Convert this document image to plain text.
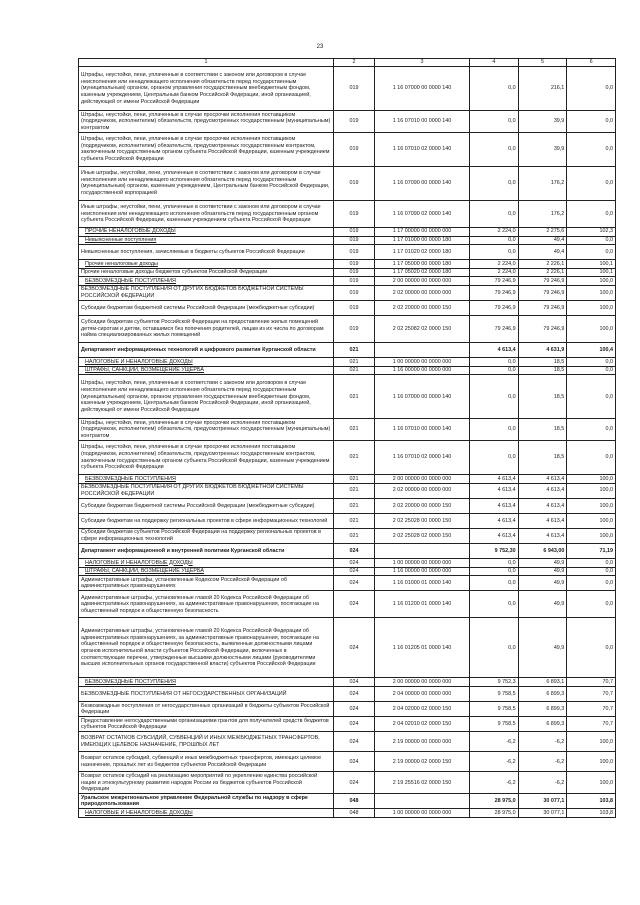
23
1	2	3	4	5	6
Штрафы, неустойки, пени, уплаченные в соответствии с законом или договором в случае неисполнения или ненадлежащего исполнения обязательств перед государственным (муниципальным) органом, органом управления государственным внебюджетным фондом, казенным учреждением, Центральным банком Российской Федерации, иной организацией, действующей от имени Российской Федерации	019	1 16 07000 00 0000 140	0,0	216,1	0,0
Штрафы, неустойки, пени, уплаченные в случае просрочки исполнения поставщиком (подрядчиком, исполнителем) обязательств, предусмотренных государственным (муниципальным) контрактом	019	1 16 07010 00 0000 140	0,0	39,9	0,0
Штрафы, неустойки, пени, уплаченные в случае просрочки исполнения поставщиком (подрядчиком, исполнителем) обязательств, предусмотренных государственным контрактом, заключенным государственным органом субъекта Российской Федерации, казенным учреждением субъекта Российской Федерации	019	1 16 07010 02 0000 140	0,0	39,9	0,0
Иные штрафы, неустойки, пени, уплаченные в соответствии с законом или договором в случае неисполнения или ненадлежащего исполнения обязательств перед государственным (муниципальным) органом, казенным учреждением, Центральным банком Российской Федерации, государственной корпорацией	019	1 16 07090 00 0000 140	0,0	176,2	0,0
Иные штрафы, неустойки, пени, уплаченные в соответствии с законом или договором в случае неисполнения или ненадлежащего исполнения обязательств перед государственным органом субъекта Российской Федерации, казенным учреждением субъекта Российской Федерации	019	1 16 07090 02 0000 140	0,0	176,2	0,0
ПРОЧИЕ НЕНАЛОГОВЫЕ ДОХОДЫ	019	1 17 00000 00 0000 000	2 224,0	2 275,6	102,3
Невыясненные поступления	019	1 17 01000 00 0000 180	0,0	49,4	0,0
Невыясненные поступления, зачисляемые в бюджеты субъектов Российской Федерации	019	1 17 01020 02 0000 180	0,0	49,4	0,0
Прочие неналоговые доходы	019	1 17 05000 00 0000 180	2 224,0	2 226,1	100,1
Прочие неналоговые доходы бюджетов субъектов Российской Федерации	019	1 17 05020 02 0000 180	2 224,0	2 226,1	100,1
БЕЗВОЗМЕЗДНЫЕ ПОСТУПЛЕНИЯ	019	2 00 00000 00 0000 000	79 246,9	79 246,9	100,0
БЕЗВОЗМЕЗДНЫЕ ПОСТУПЛЕНИЯ ОТ ДРУГИХ БЮДЖЕТОВ БЮДЖЕТНОЙ СИСТЕМЫ РОССИЙСКОЙ ФЕДЕРАЦИИ	019	2 02 00000 00 0000 000	79 246,9	79 246,9	100,0
Субсидии бюджетам бюджетной системы Российской Федерации (межбюджетные субсидии)	019	2 02 20000 00 0000 150	79 246,9	79 246,9	100,0
Субсидии бюджетам субъектов Российской Федерации на предоставление жилых помещений детям-сиротам и детям, оставшимся без попечения родителей, лицам из их числа по договорам найма специализированных жилых помещений	019	2 02 25082 02 0000 150	79 246,9	79 246,9	100,0
Департамент информационных технологий и цифрового развития Курганской области	021		4 613,4	4 631,9	100,4
НАЛОГОВЫЕ И НЕНАЛОГОВЫЕ ДОХОДЫ	021	1 00 00000 00 0000 000	0,0	18,5	0,0
ШТРАФЫ, САНКЦИИ, ВОЗМЕЩЕНИЕ УЩЕРБА	021	1 16 00000 00 0000 000	0,0	18,5	0,0
Штрафы, неустойки, пени, уплаченные в соответствии с законом или договором в случае неисполнения или ненадлежащего исполнения обязательств перед государственным (муниципальным) органом, органом управления государственным внебюджетным фондом, казенным учреждением, Центральным банком Российской Федерации, иной организацией, действующей от имени Российской Федерации	021	1 16 07000 00 0000 140	0,0	18,5	0,0
Штрафы, неустойки, пени, уплаченные в случае просрочки исполнения поставщиком (подрядчиком, исполнителем) обязательств, предусмотренных государственным (муниципальным) контрактом	021	1 16 07010 00 0000 140	0,0	18,5	0,0
Штрафы, неустойки, пени, уплаченные в случае просрочки исполнения поставщиком (подрядчиком, исполнителем) обязательств, предусмотренных государственным контрактом, заключенным государственным органом субъекта Российской Федерации, казенным учреждением субъекта Российской Федерации	021	1 16 07010 02 0000 140	0,0	18,5	0,0
БЕЗВОЗМЕЗДНЫЕ ПОСТУПЛЕНИЯ	021	2 00 00000 00 0000 000	4 613,4	4 613,4	100,0
БЕЗВОЗМЕЗДНЫЕ ПОСТУПЛЕНИЯ ОТ ДРУГИХ БЮДЖЕТОВ БЮДЖЕТНОЙ СИСТЕМЫ РОССИЙСКОЙ ФЕДЕРАЦИИ	021	2 02 00000 00 0000 000	4 613,4	4 613,4	100,0
Субсидии бюджетам бюджетной системы Российской Федерации (межбюджетные субсидии)	021	2 02 20000 00 0000 150	4 613,4	4 613,4	100,0
Субсидии бюджетам на поддержку региональных проектов в сфере информационных технологий	021	2 02 25028 00 0000 150	4 613,4	4 613,4	100,0
Субсидии бюджетам субъектов Российской Федерации на поддержку региональных проектов в сфере информационных технологий	021	2 02 25028 02 0000 150	4 613,4	4 613,4	100,0
Департамент информационной и внутренней политики Курганской области	024		9 752,30	6 943,00	71,19
НАЛОГОВЫЕ И НЕНАЛОГОВЫЕ ДОХОДЫ	024	1 00 00000 00 0000 000	0,0	49,9	0,0
ШТРАФЫ, САНКЦИИ, ВОЗМЕЩЕНИЕ УЩЕРБА	024	1 16 00000 00 0000 000	0,0	49,9	0,0
Административные штрафы, установленные Кодексом Российской Федерации об административных правонарушениях	024	1 16 01000 01 0000 140	0,0	49,9	0,0
Административные штрафы, установленные главой 20 Кодекса Российской Федерации об административных правонарушениях, за административные правонарушения, посягающие на общественный порядок и общественную безопасность	024	1 16 01200 01 0000 140	0,0	49,9	0,0
Административные штрафы, установленные главой 20 Кодекса Российской Федерации об административных правонарушениях, за административные правонарушения, посягающие на общественный порядок и общественную безопасность, выявленные должностными лицами органов исполнительной власти субъектов Российской Федерации, включенных в соответствующие перечни, утвержденные высшими должностными лицами (руководителями высших исполнительных органов государственной власти) субъектов Российской Федерации	024	1 16 01205 01 0000 140	0,0	49,9	0,0
БЕЗВОЗМЕЗДНЫЕ ПОСТУПЛЕНИЯ	024	2 00 00000 00 0000 000	9 752,3	6 893,1	70,7
БЕЗВОЗМЕЗДНЫЕ ПОСТУПЛЕНИЯ ОТ НЕГОСУДАРСТВЕННЫХ ОРГАНИЗАЦИЙ	024	2 04 00000 00 0000 000	9 758,5	6 899,3	70,7
Безвозмездные поступления от негосударственных организаций в бюджеты субъектов Российской Федерации	024	2 04 02000 02 0000 150	9 758,5	6 899,3	70,7
Предоставление негосударственными организациями грантов для получателей средств бюджетов субъектов Российской Федерации	024	2 04 02010 02 0000 150	9 758,5	6 899,3	70,7
ВОЗВРАТ ОСТАТКОВ СУБСИДИЙ, СУБВЕНЦИЙ И ИНЫХ МЕЖБЮДЖЕТНЫХ ТРАНСФЕРТОВ, ИМЕЮЩИХ ЦЕЛЕВОЕ НАЗНАЧЕНИЕ, ПРОШЛЫХ ЛЕТ	024	2 19 00000 00 0000 000	-6,2	-6,2	100,0
Возврат остатков субсидий, субвенций и иных межбюджетных трансфертов, имеющих целевое назначение, прошлых лет из бюджетов субъектов Российской Федерации	024	2 19 00000 02 0000 150	-6,2	-6,2	100,0
Возврат остатков субсидий на реализацию мероприятий по укреплению единства российской нации и этнокультурному развитию народов России из бюджетов субъектов Российской Федерации	024	2 19 25516 02 0000 150	-6,2	-6,2	100,0
Уральское межрегиональное управление Федеральной службы по надзору в сфере природопользования	048		28 975,0	30 077,1	103,8
НАЛОГОВЫЕ И НЕНАЛОГОВЫЕ ДОХОДЫ	048	1 00 00000 00 0000 000	28 975,0	30 077,1	103,8
